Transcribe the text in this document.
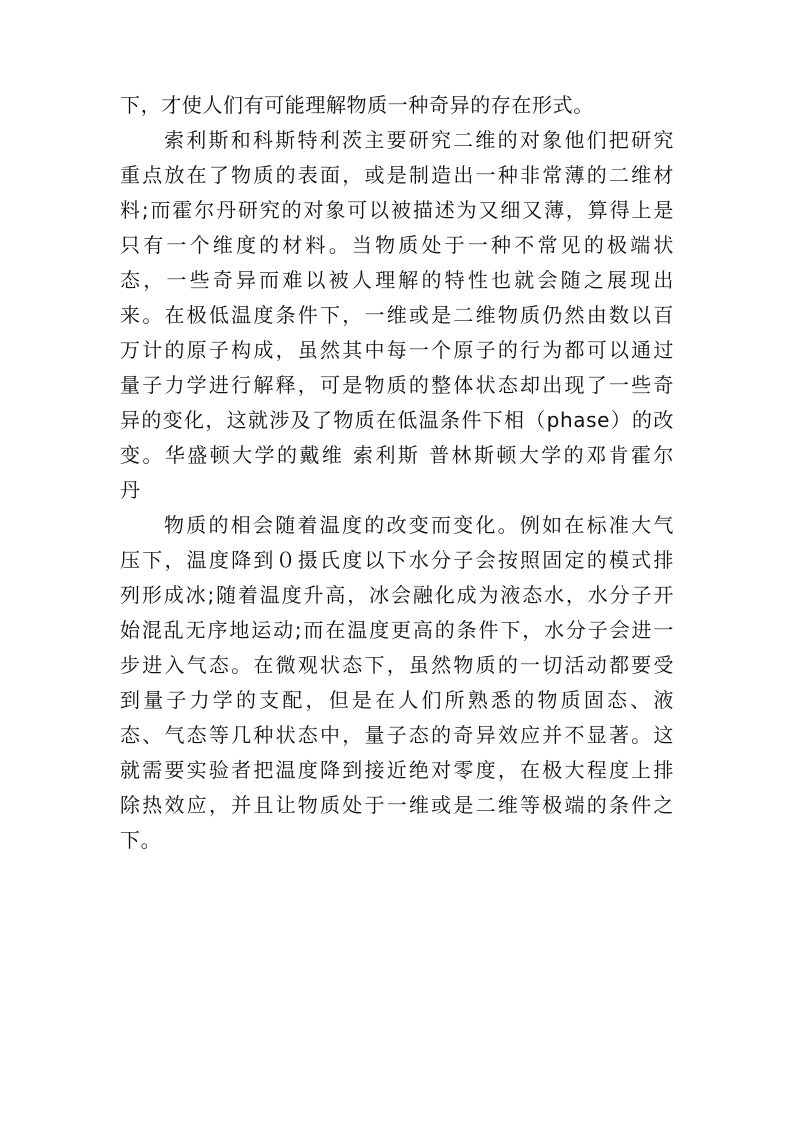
下，才使人们有可能理解物质一种奇异的存在形式。
索利斯和科斯特利茨主要研究二维的对象他们把研究
重点放在了物质的表面，或是制造出一种非常薄的二维材
料;而霍尔丹研究的对象可以被描述为又细又薄，算得上是
只有一个维度的材料。当物质处于一种不常见的极端状
态，一些奇异而难以被人理解的特性也就会随之展现出
来。在极低温度条件下，一维或是二维物质仍然由数以百
万计的原子构成，虽然其中每一个原子的行为都可以通过
量子力学进行解释，可是物质的整体状态却出现了一些奇
异的变化，这就涉及了物质在低温条件下相（phase）的改
变。华盛顿大学的戴维 索利斯 普林斯顿大学的邓肯霍尔
丹
物质的相会随着温度的改变而变化。例如在标准大气
压下，温度降到０摄氏度以下水分子会按照固定的模式排
列形成冰;随着温度升高，冰会融化成为液态水，水分子开
始混乱无序地运动;而在温度更高的条件下，水分子会进一
步进入气态。在微观状态下，虽然物质的一切活动都要受
到量子力学的支配，但是在人们所熟悉的物质固态、液
态、气态等几种状态中，量子态的奇异效应并不显著。这
就需要实验者把温度降到接近绝对零度，在极大程度上排
除热效应，并且让物质处于一维或是二维等极端的条件之
下。
